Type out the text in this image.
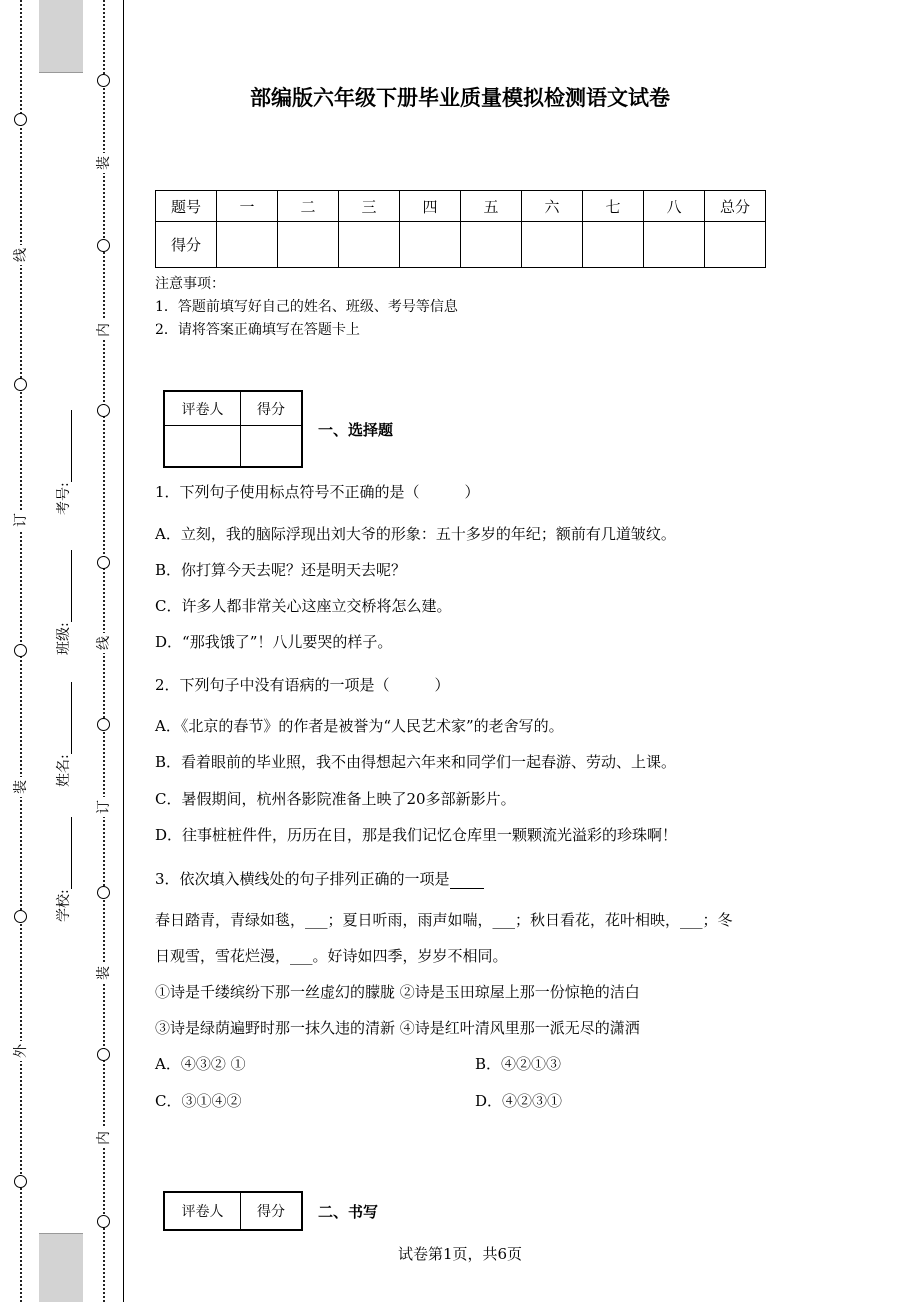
线
订
装
外
装
内
线
订
装
内
学校:
姓名:
班级:
考号:
部编版六年级下册毕业质量模拟检测语文试卷
题号	一	二	三	四	五	六	七	八	总分
得分									
注意事项：
1．答题前填写好自己的姓名、班级、考号等信息
2．请将答案正确填写在答题卡上
评卷人	得分

一、选择题
1．下列句子使用标点符号不正确的是（　　　）
A．立刻，我的脑际浮现出刘大爷的形象：五十多岁的年纪；额前有几道皱纹。
B．你打算今天去呢？还是明天去呢？
C．许多人都非常关心这座立交桥将怎么建。
D．“那我饿了”！八儿要哭的样子。
2．下列句子中没有语病的一项是（　　　）
A．《北京的春节》的作者是被誉为“人民艺术家”的老舍写的。
B．看着眼前的毕业照，我不由得想起六年来和同学们一起春游、劳动、上课。
C．暑假期间，杭州各影院准备上映了20多部新影片。
D．往事桩桩件件，历历在目，那是我们记忆仓库里一颗颗流光溢彩的珍珠啊！
3．依次填入横线处的句子排列正确的一项是
春日踏青，青绿如毯，___；夏日听雨，雨声如喘，___；秋日看花，花叶相映，___；冬
日观雪，雪花烂漫，___。好诗如四季，岁岁不相同。
①诗是千缕缤纷下那一丝虚幻的朦胧 ②诗是玉田琼屋上那一份惊艳的洁白
③诗是绿荫遍野时那一抹久违的清新 ④诗是红叶清风里那一派无尽的潇洒
A．④③② ①	B．④②①③
C．③①④②	D．④②③①
评卷人	得分 二、书写
试卷第1页，共6页
